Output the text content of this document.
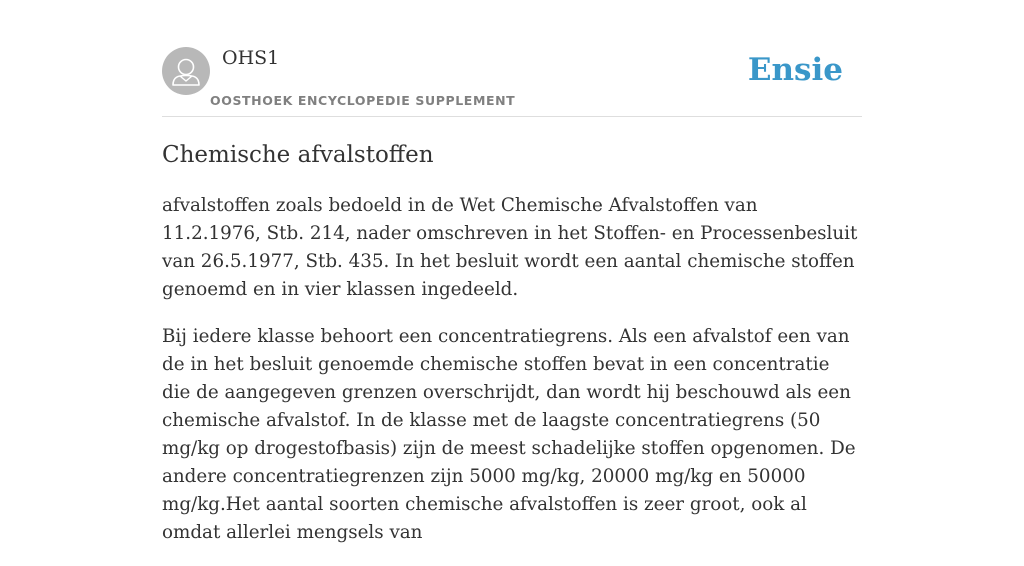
OHS1
OOSTHOEK ENCYCLOPEDIE SUPPLEMENT
Ensie
Chemische afvalstoffen

afvalstoffen zoals bedoeld in de Wet Chemische Afvalstoffen van 11.2.1976, Stb. 214, nader omschreven in het Stoffen- en Processenbesluit van 26.5.1977, Stb. 435. In het besluit wordt een aantal chemische stoffen genoemd en in vier klassen ingedeeld.

Bij iedere klasse behoort een concentratiegrens. Als een afvalstof een van de in het besluit genoemde chemische stoffen bevat in een concentratie die de aangegeven grenzen overschrijdt, dan wordt hij beschouwd als een chemische afvalstof. In de klasse met de laagste concentratiegrens (50 mg/kg op drogestofbasis) zijn de meest schadelijke stoffen opgenomen. De andere concentratiegrenzen zijn 5000 mg/kg, 20000 mg/kg en 50000 mg/kg.Het aantal soorten chemische afvalstoffen is zeer groot, ook al omdat allerlei mengsels van
